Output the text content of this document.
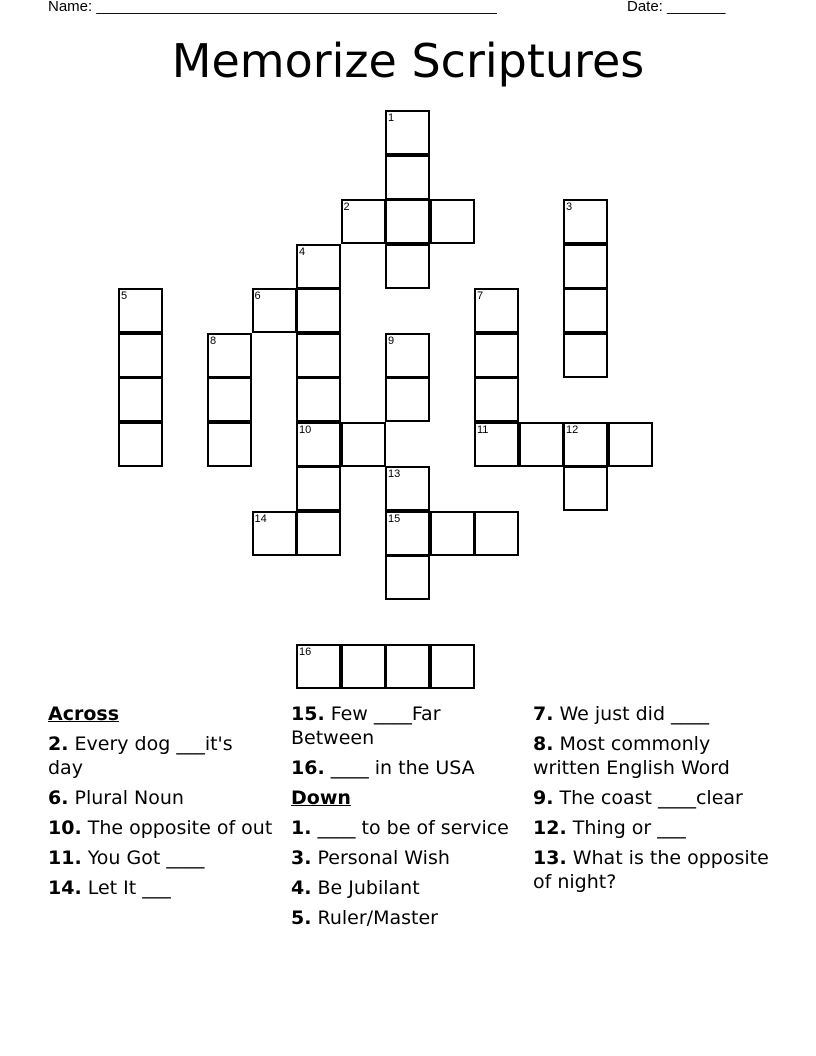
Name: ________________________________________________	Date: _______
Memorize Scriptures
1
2	3
4
5	6	7
8	9
10	11	12
13
14	15
16
Across
2. Every dog ___it's day
6. Plural Noun
10. The opposite of out
11. You Got ____
14. Let It ___
15. Few ____Far Between
16. ____ in the USA
Down
1. ____ to be of service
3. Personal Wish
4. Be Jubilant
5. Ruler/Master
7. We just did ____
8. Most commonly written English Word
9. The coast ____clear
12. Thing or ___
13. What is the opposite of night?
